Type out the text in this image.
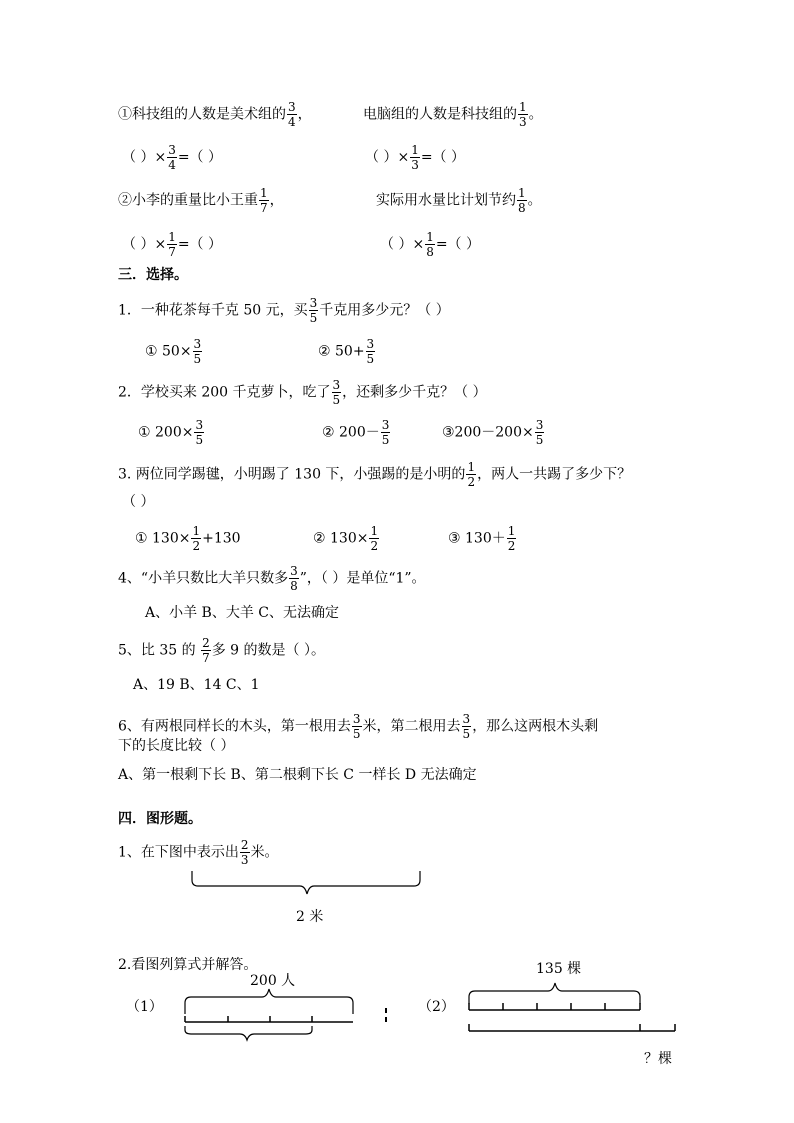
①科技组的人数是美术组的 $\frac{3}{4}$ ，	电脑组的人数是科技组的 $\frac{1}{3}$ 。
（ ）× $\frac{3}{4}$ =（ ）	（ ）× $\frac{1}{3}$ =（ ）
②小李的重量比小王重 $\frac{1}{7}$ ，	实际用水量比计划节约 $\frac{1}{8}$ 。
（ ）× $\frac{1}{7}$ =（ ）	（ ）× $\frac{1}{8}$ =（ ）
三．选择。
1．一种花茶每千克 50 元，买 $\frac{3}{5}$ 千克用多少元？（ ）
① $50\times \frac{3}{5}$	② $50+ \frac{3}{5}$
2．学校买来 200 千克萝卜，吃了 $\frac{3}{5}$ ，还剩多少千克？（ ）
① $200\times \frac{3}{5}$	② $200- \frac{3}{5}$	③200－200× $\frac{3}{5}$
3. 两位同学踢毽，小明踢了 130 下，小强踢的是小明的 $\frac{1}{2}$ ，两人一共踢了多少下？
（ ）
① $130\times \frac{1}{2} +130$	② $130\times \frac{1}{2}$	③ $130+ \frac{1}{2}$
4、“小羊只数比大羊只数多 $\frac{3}{8}$ ”，（ ）是单位“1”。
A、小羊 B、大羊 C、无法确定
5、比 35 的 $\frac{2}{7}$ 多 9 的数是（ ）。
A、19 B、14 C、1
6、有两根同样长的木头，第一根用去 $\frac{3}{5}$ 米，第二根用去 $\frac{3}{5}$ ，那么这两根木头剩
下的长度比较（ ）
A、第一根剩下长 B、第二根剩下长 C 一样长 D 无法确定
四．图形题。
1、在下图中表示出 $\frac{2}{3}$ 米。
2 米
2.看图列算式并解答。
200 人
（1）
135 棵
（2）
？棵
